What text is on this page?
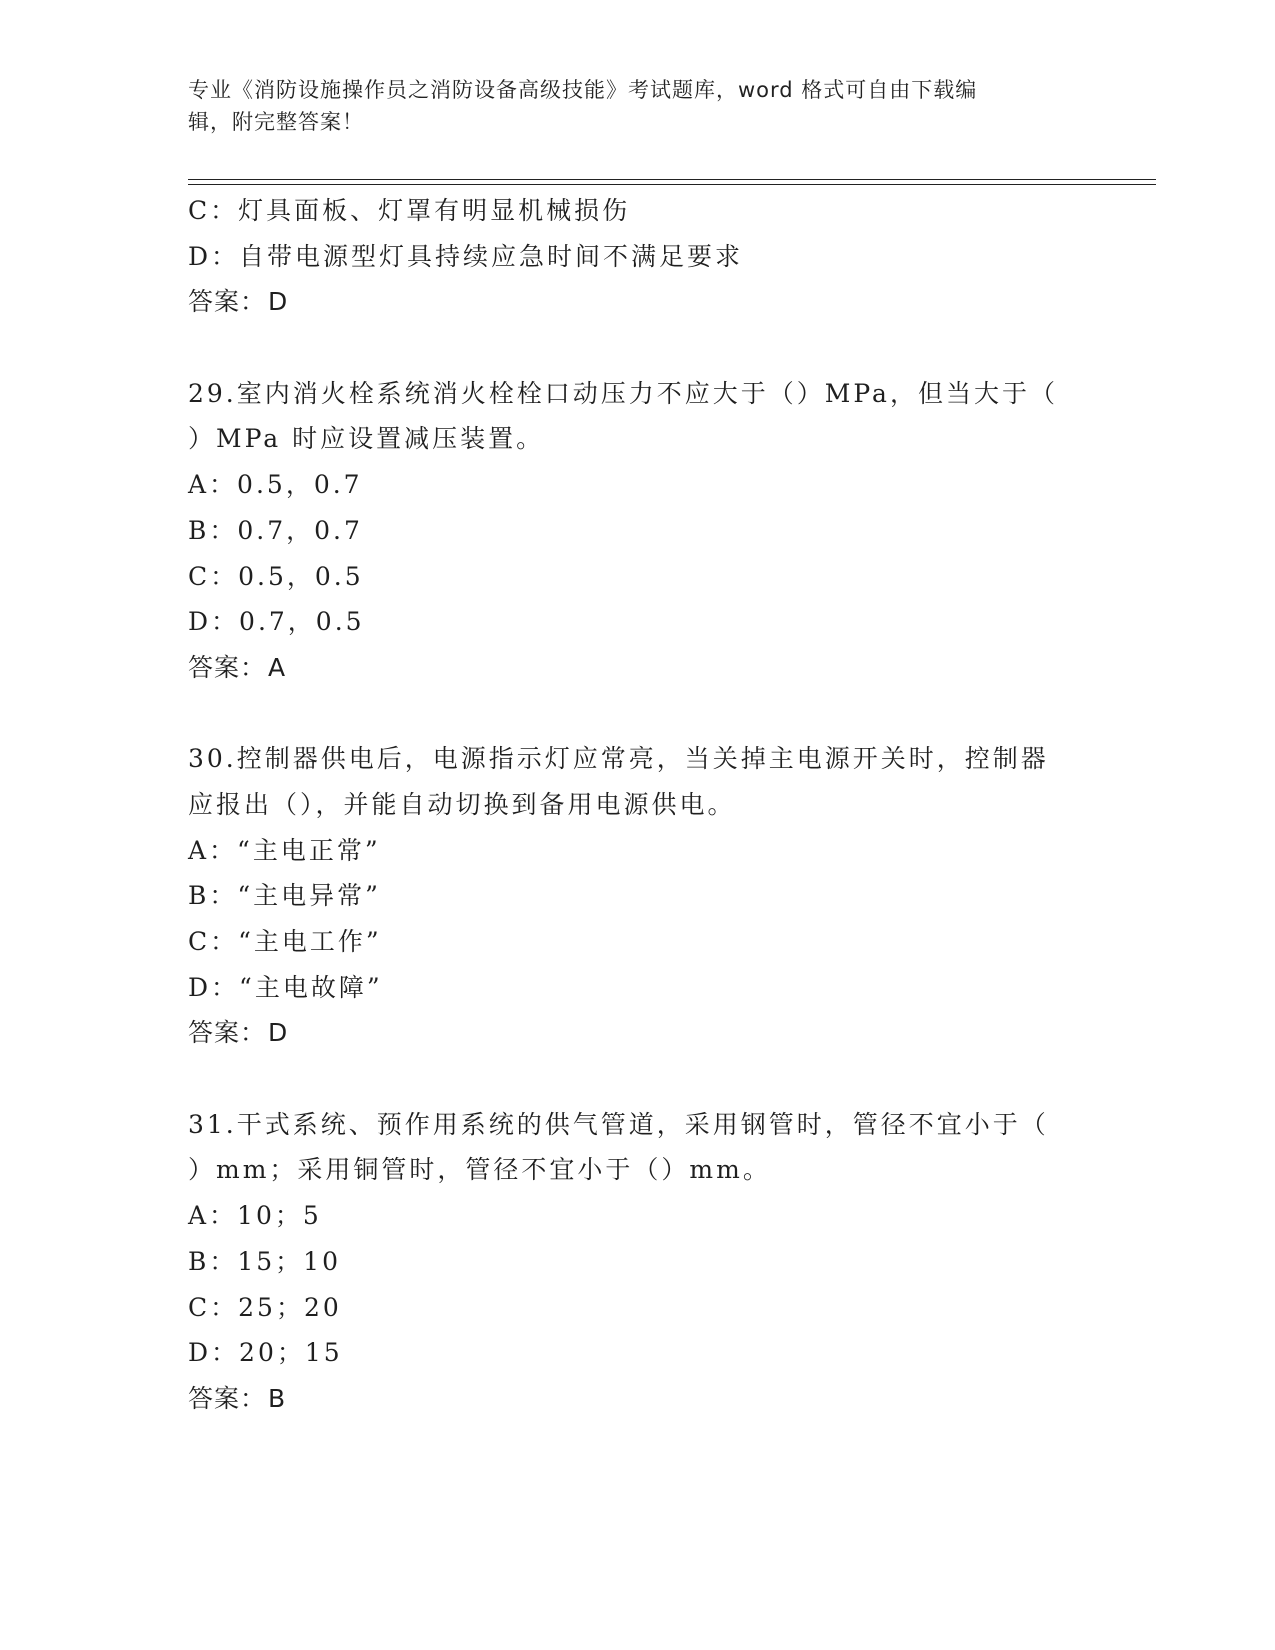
专业《消防设施操作员之消防设备高级技能》考试题库，word 格式可自由下载编
辑，附完整答案！
C：灯具面板、灯罩有明显机械损伤
D：自带电源型灯具持续应急时间不满足要求
答案：D
29.室内消火栓系统消火栓栓口动压力不应大于（）MPa，但当大于（
）MPa 时应设置减压装置。
A：0.5，0.7
B：0.7，0.7
C：0.5，0.5
D：0.7，0.5
答案：A
30.控制器供电后，电源指示灯应常亮，当关掉主电源开关时，控制器
应报出（），并能自动切换到备用电源供电。
A：“主电正常”
B：“主电异常”
C：“主电工作”
D：“主电故障”
答案：D
31.干式系统、预作用系统的供气管道，采用钢管时，管径不宜小于（
）mm；采用铜管时，管径不宜小于（）mm。
A：10；5
B：15；10
C：25；20
D：20；15
答案：B
